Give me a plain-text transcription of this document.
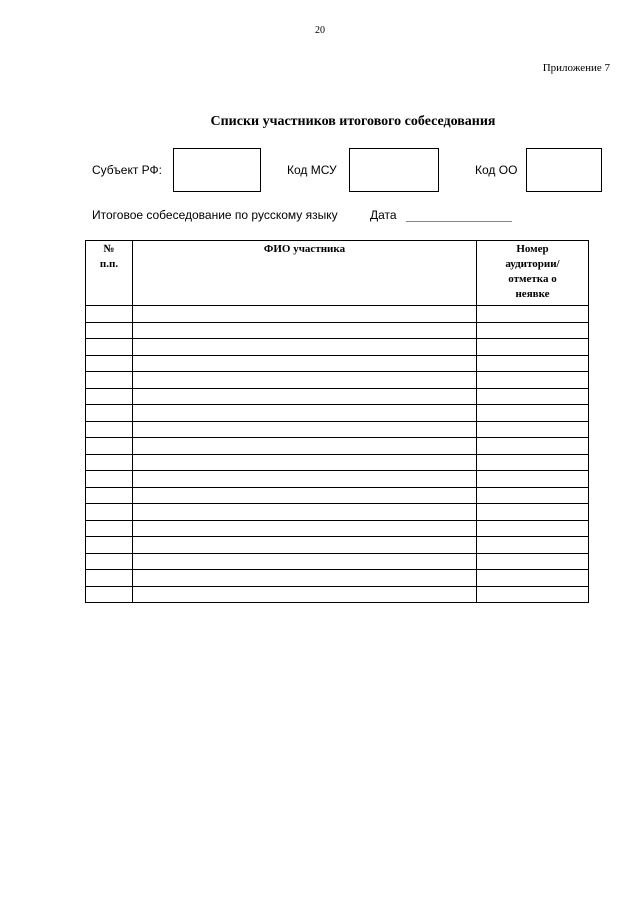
20
Приложение 7
Списки участников итогового собеседования
Субъект РФ:	Код МСУ	Код ОО
Итоговое собеседование по русскому языку	Дата
№
п.п.	ФИО участника	Номер
аудитории/
отметка о
неявке
